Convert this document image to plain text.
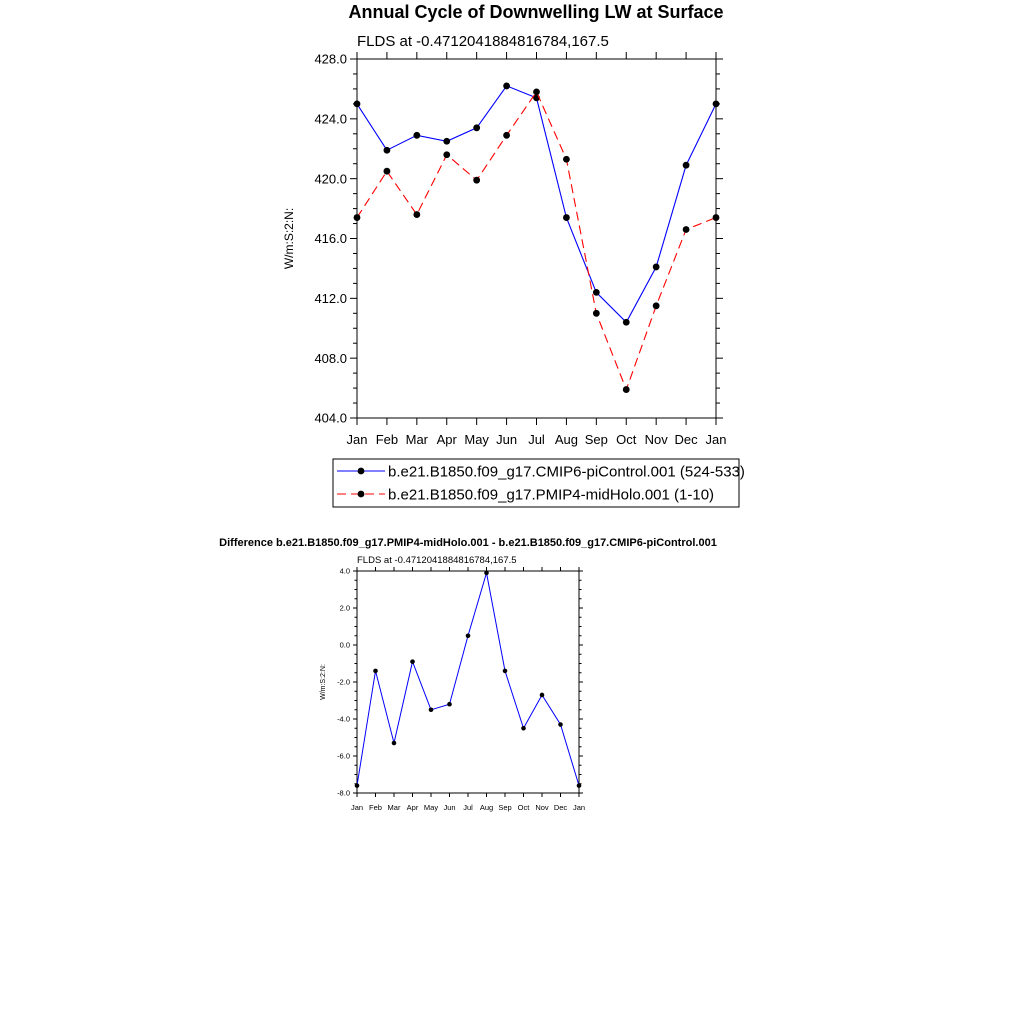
Annual Cycle of Downwelling LW at Surface
FLDS at -0.4712041884816784,167.5
404.0
408.0
412.0
416.0
420.0
424.0
428.0
Jan Feb Mar Apr May Jun Jul Aug Sep Oct Nov Dec Jan
W/m:S:2:N:
b.e21.B1850.f09_g17.CMIP6-piControl.001 (524-533)
b.e21.B1850.f09_g17.PMIP4-midHolo.001 (1-10)
Difference b.e21.B1850.f09_g17.PMIP4-midHolo.001 - b.e21.B1850.f09_g17.CMIP6-piControl.001
FLDS at -0.4712041884816784,167.5
-8.0
-6.0
-4.0
-2.0
0.0
2.0
4.0
Jan Feb Mar Apr May Jun Jul Aug Sep Oct Nov Dec Jan
W/m:S:2:N:
